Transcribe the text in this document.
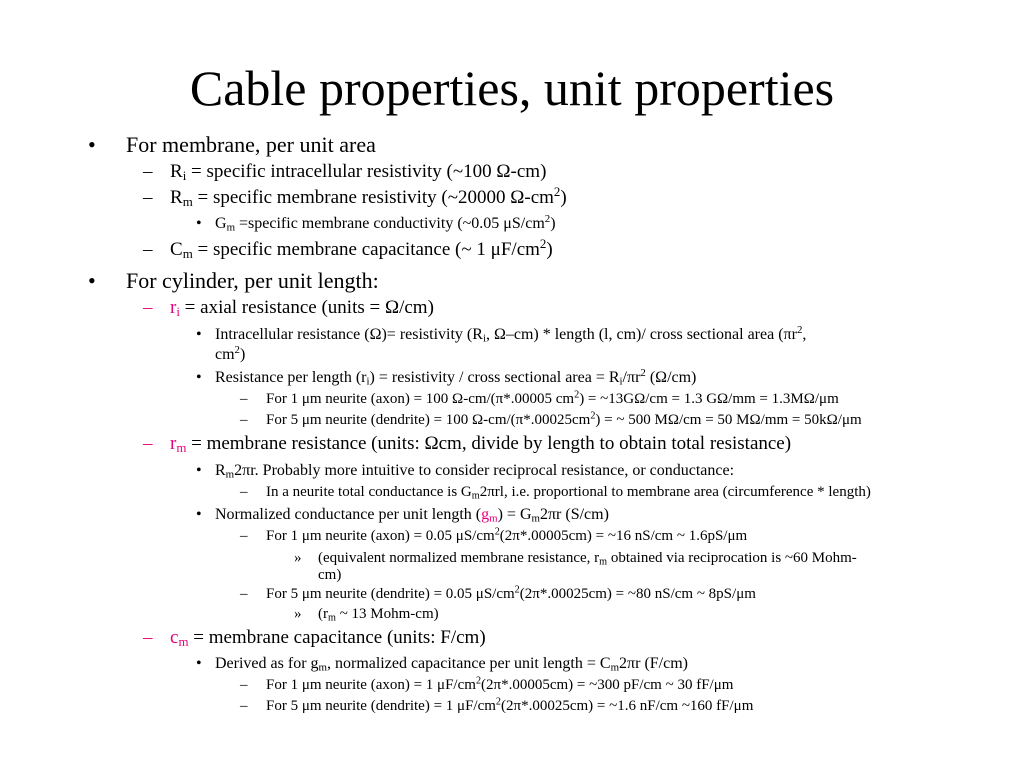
Cable properties, unit properties
• For membrane, per unit area
– $R_i$ = specific intracellular resistivity (~100 Ω-cm)
– $R_m$ = specific membrane resistivity (~20000 $\Omega-cm^2$)
• $G_m$ =specific membrane conductivity (~0.05 $\mu S/cm^2$)
– $C_m$ = specific membrane capacitance (~ 1 $\mu F/cm^2$)
• For cylinder, per unit length:
– $r_i$ = axial resistance (units = Ω/cm)
• Intracellular resistance (Ω)= resistivity ($R_i$, Ω–cm) * length (l, cm)/ cross sectional area ($\pi r^2$,
$cm^2$)
• Resistance per length $(r_i)$ = resistivity / cross sectional area = $R_i/\pi r^2$ (Ω/cm)
– For 1 μm neurite (axon) = 100 Ω-cm/(π*.00005 $cm^2$) = ~13GΩ/cm = 1.3 GΩ/mm = 1.3MΩ/μm
– For 5 μm neurite (dendrite) = 100 $\Omega-cm/(\pi*.00025cm^2)$ = ~ 500 MΩ/cm = 50 MΩ/mm = 50kΩ/μm
– $r_m$ = membrane resistance (units: Ωcm, divide by length to obtain total resistance)
• $R_m2\pi r$. Probably more intuitive to consider reciprocal resistance, or conductance:
– In a neurite total conductance is $G_m2\pi rl$, i.e. proportional to membrane area (circumference * length)
• Normalized conductance per unit length $(g_m) = G_m2\pi r$ (S/cm)
– For 1 μm neurite (axon) = 0.05 $\mu S/cm^2(2\pi*.00005cm)$ = ~16 nS/cm ~ 1.6pS/μm
» (equivalent normalized membrane resistance, $r_m$ obtained via reciprocation is ~60 Mohm-
cm)
– For 5 μm neurite (dendrite) = 0.05 $\mu S/cm^2(2\pi*.00025cm)$ = ~80 nS/cm ~ 8pS/μm
» ($r_m$ ~ 13 Mohm-cm)
– $c_m$ = membrane capacitance (units: F/cm)
• Derived as for $g_m$, normalized capacitance per unit length = $C_m2\pi r$ (F/cm)
– For 1 μm neurite (axon) = 1 $\mu F/cm^2(2\pi*.00005cm)$ = ~300 pF/cm ~ 30 fF/μm
– For 5 μm neurite (dendrite) = 1 $\mu F/cm^2(2\pi*.00025cm)$ = ~1.6 nF/cm ~160 fF/μm
